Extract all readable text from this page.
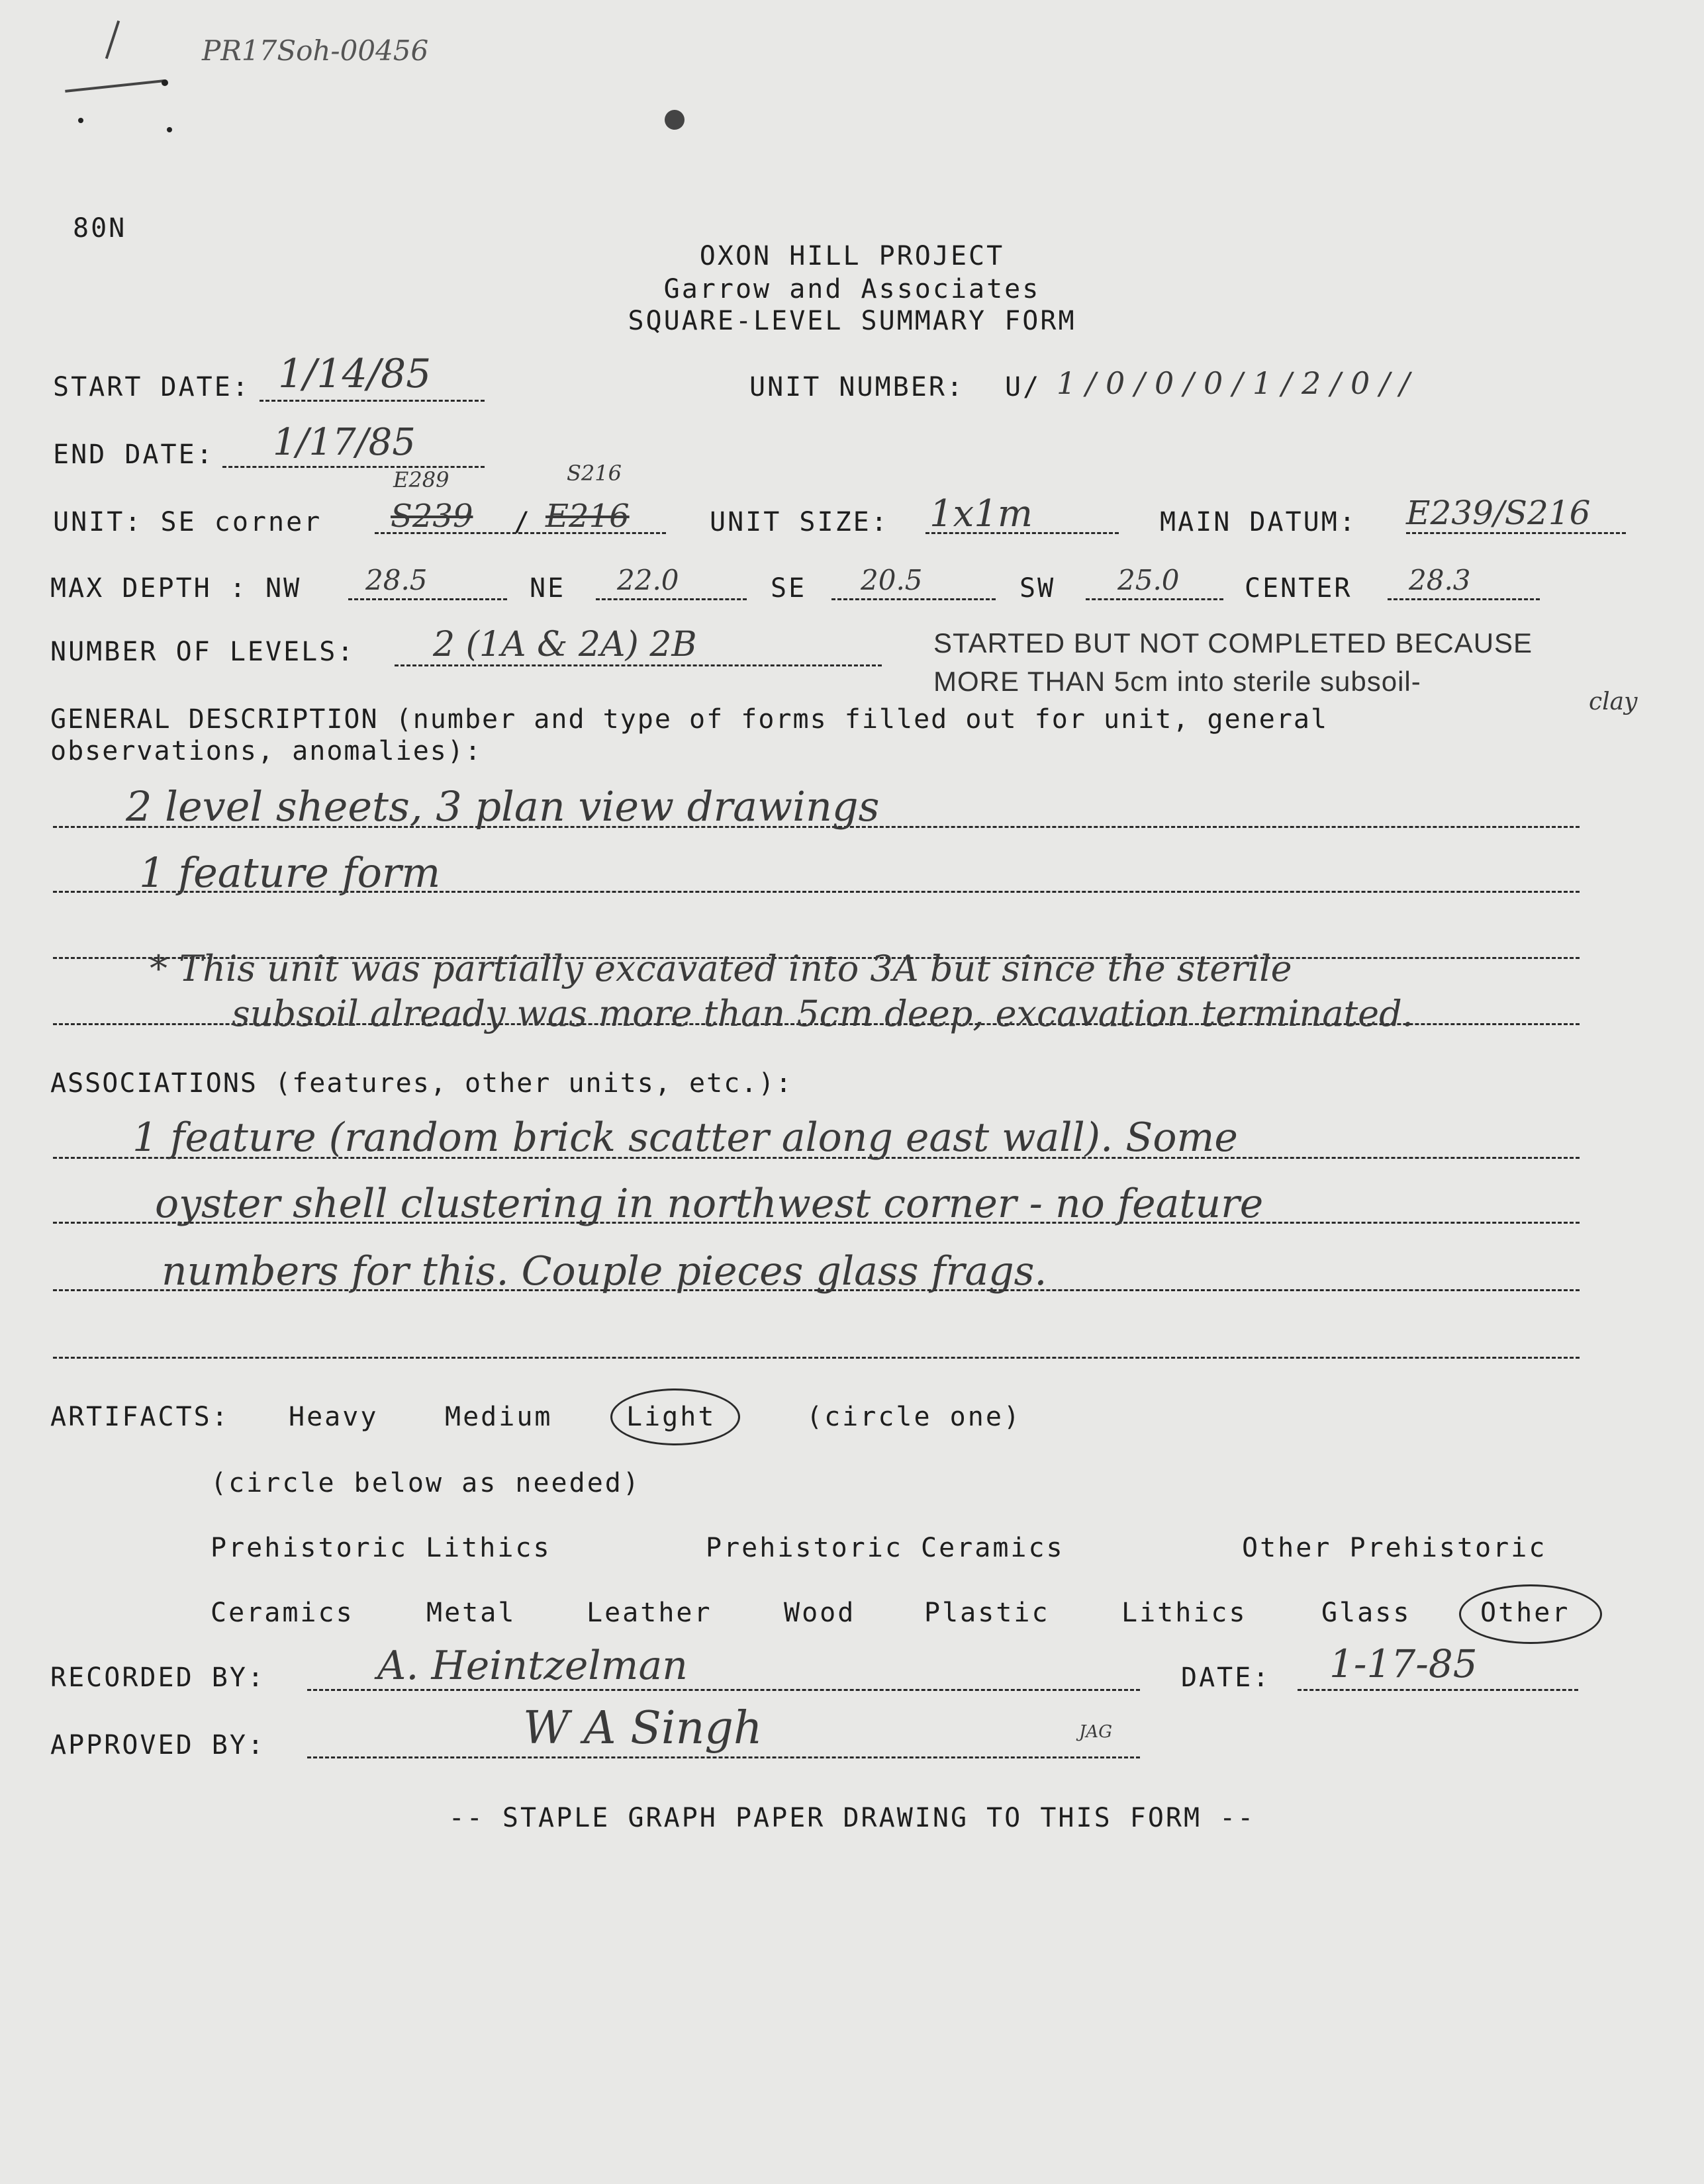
PR17Soh-00456
80N
OXON HILL PROJECT
Garrow and Associates
SQUARE-LEVEL SUMMARY FORM
START DATE: 1/14/85	UNIT NUMBER: U/ 1 / 0 / 0 / 0 / 1 / 2 / 0 / /
END DATE: 1/17/85
UNIT: SE corner
E289	S216
S239 / E216	UNIT SIZE: 1x1m	MAIN DATUM: E239/S216
MAX DEPTH : NW 28.5	NE 22.0	SE 20.5	SW 25.0 CENTER 28.3
NUMBER OF LEVELS: 2 (1A & 2A) 2B	STARTED BUT NOT COMPLETED BECAUSE
MORE THAN 5cm into sterile subsoil-
clay
GENERAL DESCRIPTION (number and type of forms filled out for unit, general
observations, anomalies):
2 level sheets, 3 plan view drawings
1 feature form
* This unit was partially excavated into 3A but since the sterile
subsoil already was more than 5cm deep, excavation terminated.
ASSOCIATIONS (features, other units, etc.):
1 feature (random brick scatter along east wall). Some
oyster shell clustering in northwest corner - no feature
numbers for this. Couple pieces glass frags.
ARTIFACTS: Heavy	Medium	Light	(circle one)
(circle below as needed)
Prehistoric Lithics	Prehistoric Ceramics	Other Prehistoric
Ceramics	Metal	Leather	Wood	Plastic	Lithics	Glass	Other
RECORDED BY:	A. Heintzelman	DATE: 1-17-85
APPROVED BY:	W A Singh	JAG
-- STAPLE GRAPH PAPER DRAWING TO THIS FORM --
